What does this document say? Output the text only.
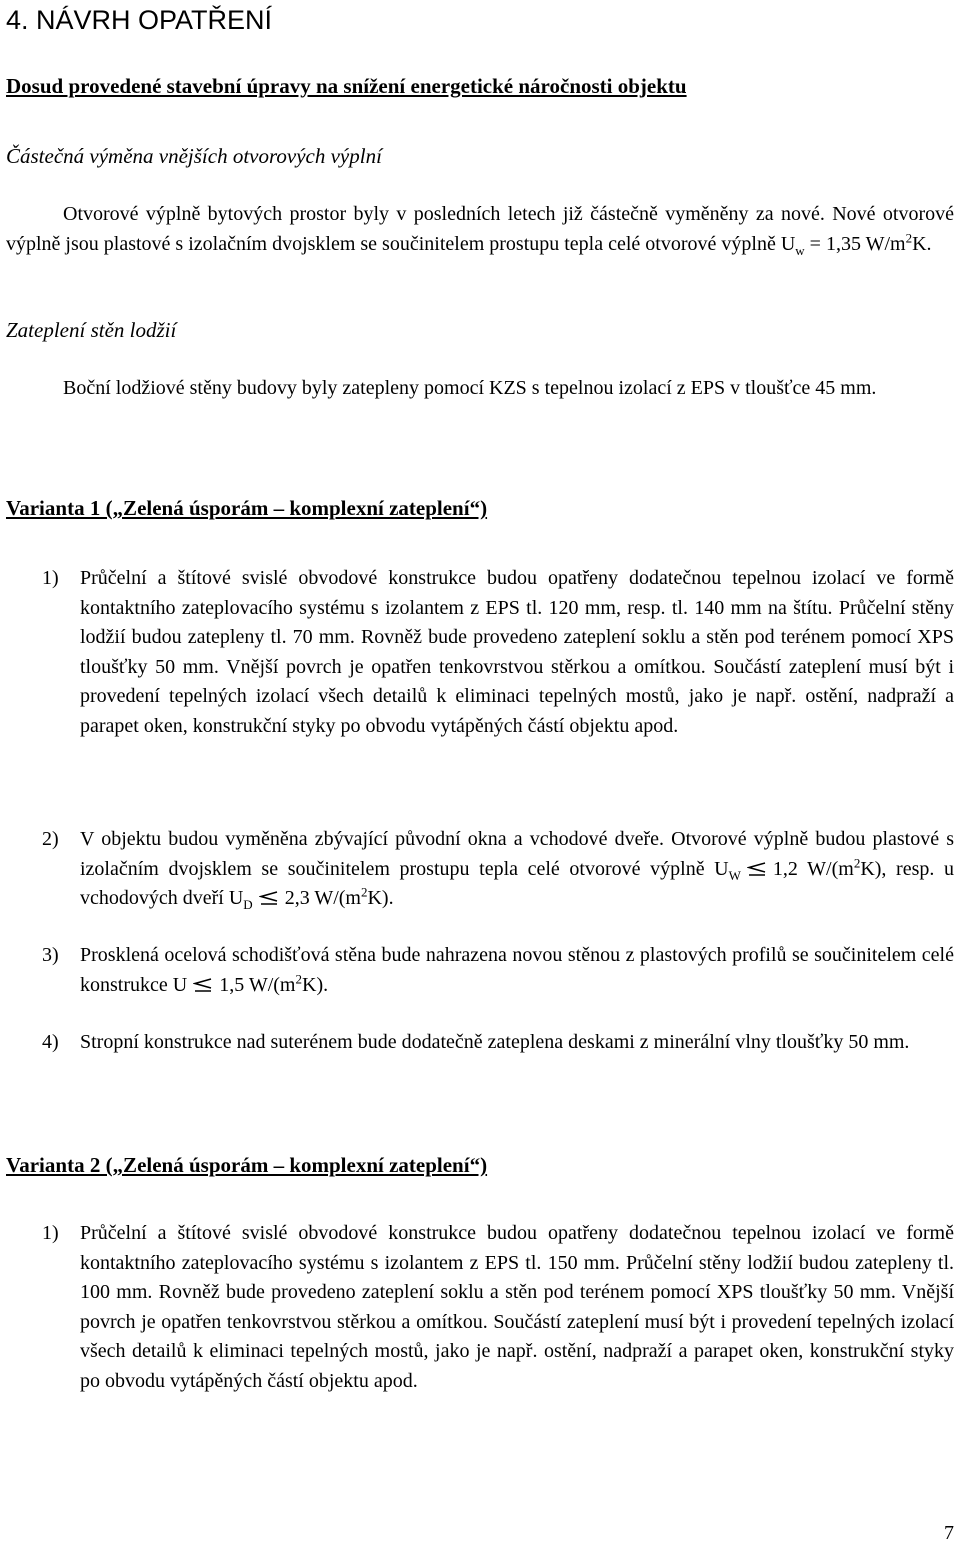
4. NÁVRH OPATŘENÍ
Dosud provedené stavební úpravy na snížení energetické náročnosti objektu
Částečná výměna vnějších otvorových výplní

Otvorové výplně bytových prostor byly v posledních letech již částečně vyměněny za nové. Nové otvorové výplně jsou plastové s izolačním dvojsklem se součinitelem prostupu tepla celé otvorové výplně $U_w = 1,35$ $W/m^2K$.

Zateplení stěn lodžií

Boční lodžiové stěny budovy byly zatepleny pomocí KZS s tepelnou izolací z EPS v tloušťce 45 mm.

Varianta 1 („Zelená úsporám – komplexní zateplení“)
1) Průčelní a štítové svislé obvodové konstrukce budou opatřeny dodatečnou tepelnou izolací ve formě kontaktního zateplovacího systému s izolantem z EPS tl. 120 mm, resp. tl. 140 mm na štítu. Průčelní stěny lodžií budou zatepleny tl. 70 mm. Rovněž bude provedeno zateplení soklu a stěn pod terénem pomocí XPS tloušťky 50 mm. Vnější povrch je opatřen tenkovrstvou stěrkou a omítkou. Součástí zateplení musí být i provedení tepelných izolací všech detailů k eliminaci tepelných mostů, jako je např. ostění, nadpraží a parapet oken, konstrukční styky po obvodu vytápěných částí objektu apod.
2) V objektu budou vyměněna zbývající původní okna a vchodové dveře. Otvorové výplně budou plastové s izolačním dvojsklem se součinitelem prostupu tepla celé otvorové výplně $U_W$ 1,2 $W/(m^2K)$, resp. u vchodových dveří $U_D$ 2,3 $W/(m^2K)$.
3) Prosklená ocelová schodišťová stěna bude nahrazena novou stěnou z plastových profilů se součinitelem celé konstrukce U 1,5 $W/(m^2K)$.
4) Stropní konstrukce nad suterénem bude dodatečně zateplena deskami z minerální vlny tloušťky 50 mm.
Varianta 2 („Zelená úsporám – komplexní zateplení“)
1) Průčelní a štítové svislé obvodové konstrukce budou opatřeny dodatečnou tepelnou izolací ve formě kontaktního zateplovacího systému s izolantem z EPS tl. 150 mm. Průčelní stěny lodžií budou zatepleny tl. 100 mm. Rovněž bude provedeno zateplení soklu a stěn pod terénem pomocí XPS tloušťky 50 mm. Vnější povrch je opatřen tenkovrstvou stěrkou a omítkou. Součástí zateplení musí být i provedení tepelných izolací všech detailů k eliminaci tepelných mostů, jako je např. ostění, nadpraží a parapet oken, konstrukční styky po obvodu vytápěných částí objektu apod.
7
